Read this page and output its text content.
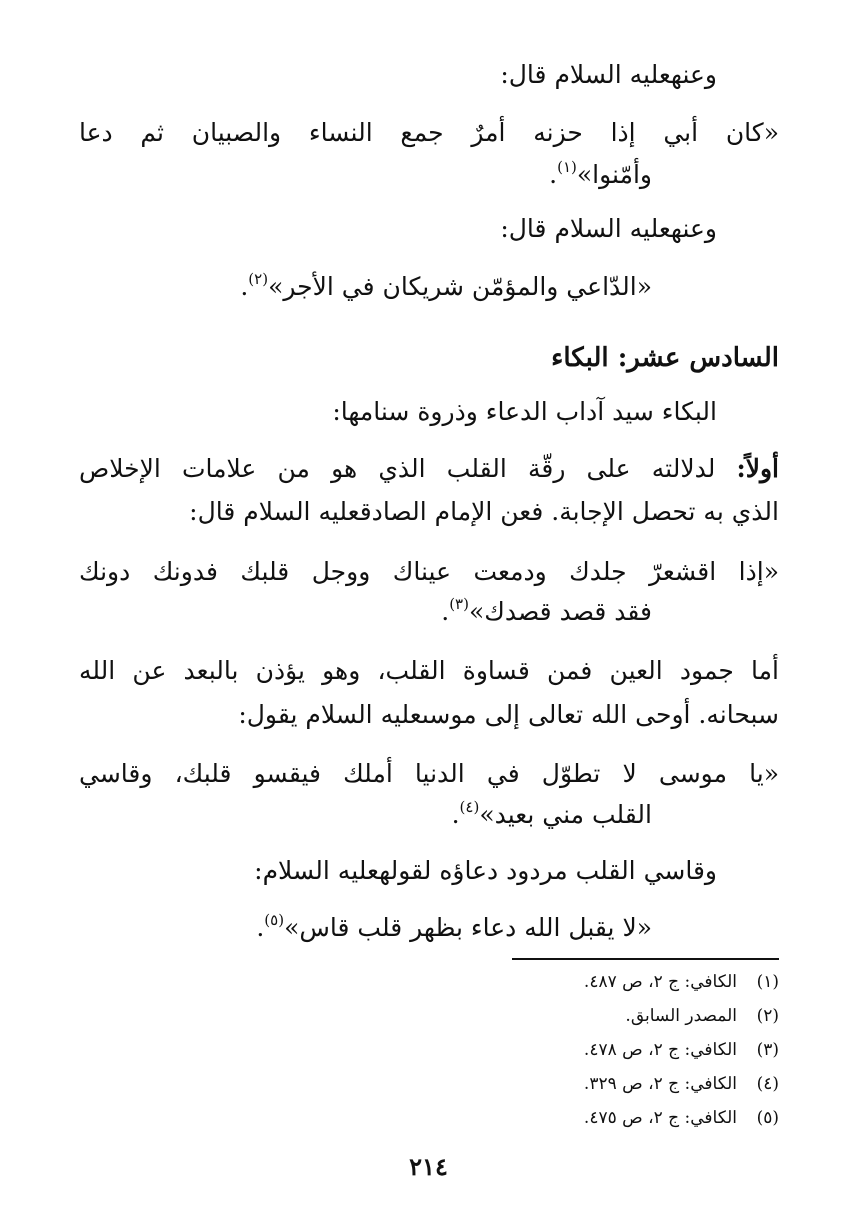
وعنهعليه السلام قال:
«كان أبي إذا حزنه أمرٌ جمع النساء والصبيان ثم دعا
وأمّنوا»$^{(١)}$.
وعنهعليه السلام قال:
«الدّاعي والمؤمّن شريكان في الأجر»$^{(٢)}$.
السادس عشر: البكاء
البكاء سيد آداب الدعاء وذروة سنامها:
أولاً: لدلالته على رقّة القلب الذي هو من علامات الإخلاص
الذي به تحصل الإجابة. فعن الإمام الصادقعليه السلام قال:
«إذا اقشعرّ جلدك ودمعت عيناك ووجل قلبك فدونك دونك
فقد قصد قصدك»$^{(٣)}$.
أما جمود العين فمن قساوة القلب، وهو يؤذن بالبعد عن الله
سبحانه. أوحى الله تعالى إلى موسىعليه السلام يقول:
«يا موسى لا تطوّل في الدنيا أملك فيقسو قلبك، وقاسي
القلب مني بعيد»$^{(٤)}$.
وقاسي القلب مردود دعاؤه لقولهعليه السلام:
«لا يقبل الله دعاء بظهر قلب قاس»$^{(٥)}$.
(١)الكافي: ج ٢، ص ٤٨٧.
(٢)المصدر السابق.
(٣)الكافي: ج ٢، ص ٤٧٨.
(٤)الكافي: ج ٢، ص ٣٢٩.
(٥)الكافي: ج ٢، ص ٤٧٥.
٢١٤
